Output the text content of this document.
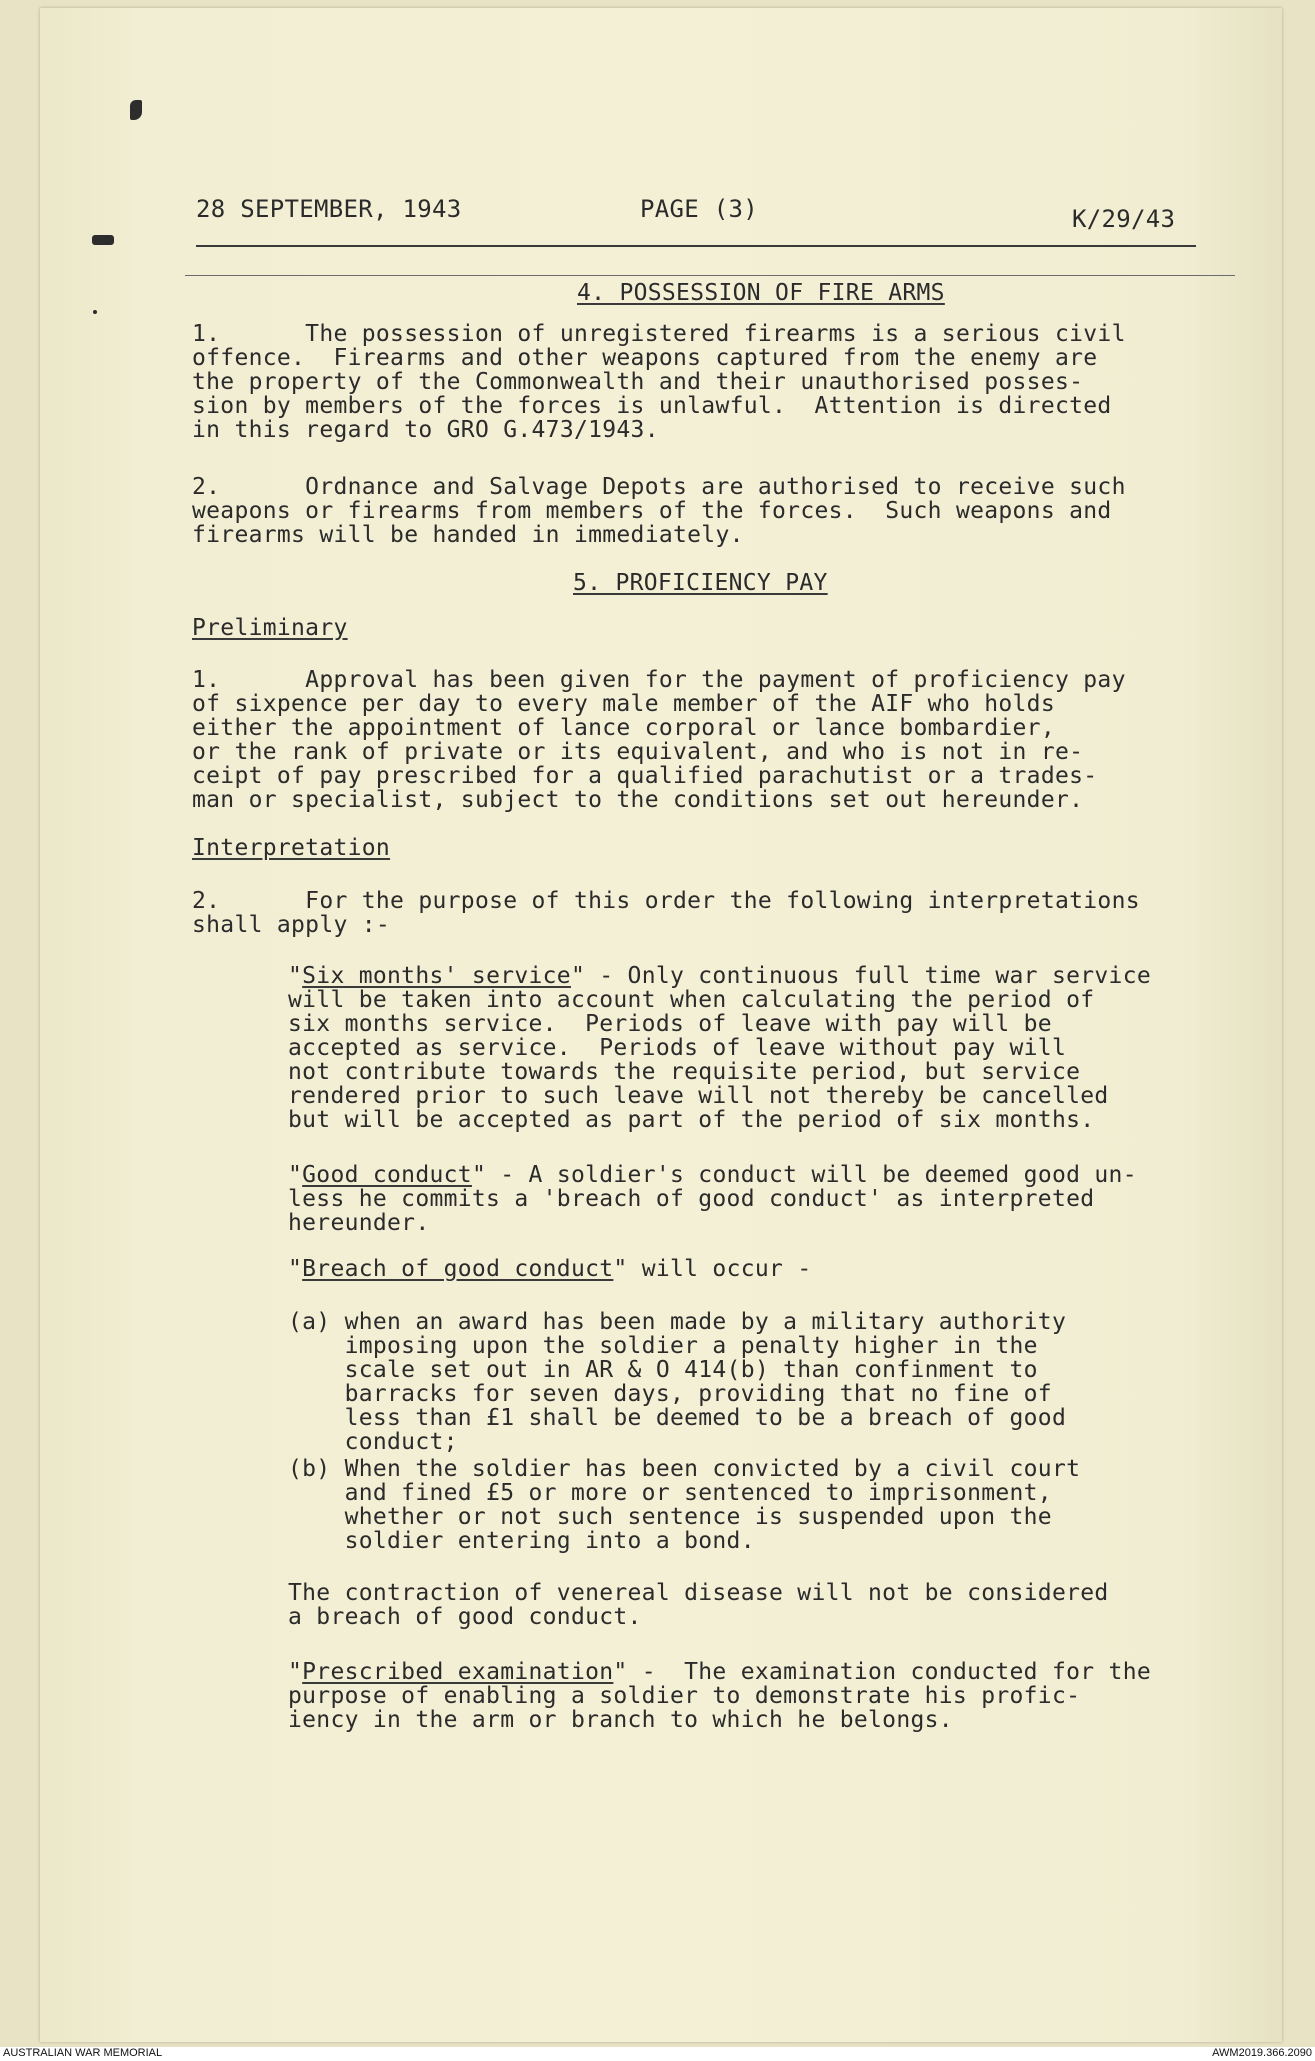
28 SEPTEMBER, 1943	PAGE (3)	K/29/43
4. POSSESSION OF FIRE ARMS
1.      The possession of unregistered firearms is a serious civil
offence.  Firearms and other weapons captured from the enemy are
the property of the Commonwealth and their unauthorised posses-
sion by members of the forces is unlawful.  Attention is directed
in this regard to GRO G.473/1943.
2.      Ordnance and Salvage Depots are authorised to receive such
weapons or firearms from members of the forces.  Such weapons and
firearms will be handed in immediately.
5. PROFICIENCY PAY
Preliminary
1.      Approval has been given for the payment of proficiency pay
of sixpence per day to every male member of the AIF who holds
either the appointment of lance corporal or lance bombardier,
or the rank of private or its equivalent, and who is not in re-
ceipt of pay prescribed for a qualified parachutist or a trades-
man or specialist, subject to the conditions set out hereunder.
Interpretation
2.      For the purpose of this order the following interpretations
shall apply :-
"Six months' service" - Only continuous full time war service
will be taken into account when calculating the period of
six months service.  Periods of leave with pay will be
accepted as service.  Periods of leave without pay will
not contribute towards the requisite period, but service
rendered prior to such leave will not thereby be cancelled
but will be accepted as part of the period of six months.
"Good conduct" - A soldier's conduct will be deemed good un-
less he commits a 'breach of good conduct' as interpreted
hereunder.
"Breach of good conduct" will occur -
(a) when an award has been made by a military authority
imposing upon the soldier a penalty higher in the
scale set out in AR & O 414(b) than confinment to
barracks for seven days, providing that no fine of
less than £1 shall be deemed to be a breach of good
conduct;
(b) When the soldier has been convicted by a civil court
and fined £5 or more or sentenced to imprisonment,
whether or not such sentence is suspended upon the
soldier entering into a bond.
The contraction of venereal disease will not be considered
a breach of good conduct.
"Prescribed examination" -  The examination conducted for the
purpose of enabling a soldier to demonstrate his profic-
iency in the arm or branch to which he belongs.
AUSTRALIAN WAR MEMORIAL	AWM2019.366.2090
